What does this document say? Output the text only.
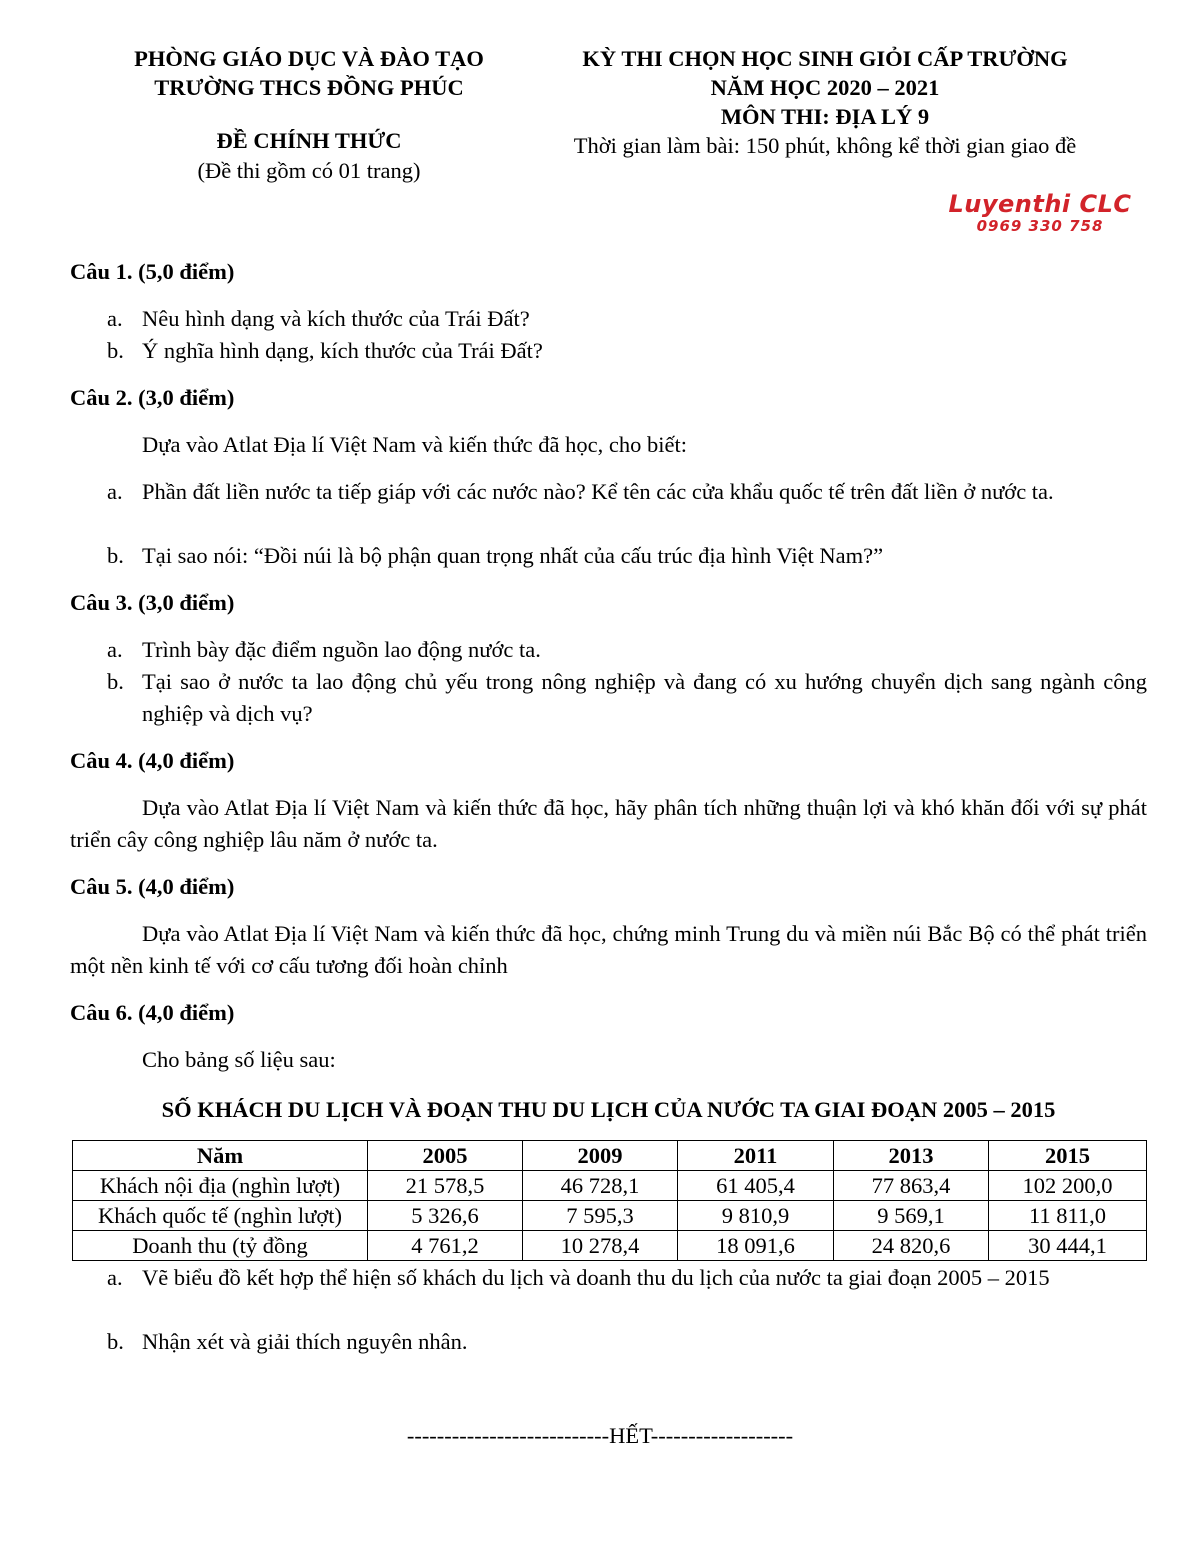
PHÒNG GIÁO DỤC VÀ ĐÀO TẠO
TRƯỜNG THCS ĐỒNG PHÚC
ĐỀ CHÍNH THỨC
(Đề thi gồm có 01 trang)
KỲ THI CHỌN HỌC SINH GIỎI CẤP TRƯỜNG
NĂM HỌC 2020 – 2021
MÔN THI: ĐỊA LÝ 9
Thời gian làm bài: 150 phút, không kể thời gian giao đề
Luyenthi CLC
0969 330 758
Câu 1. (5,0 điểm)
a. Nêu hình dạng và kích thước của Trái Đất?
b. Ý nghĩa hình dạng, kích thước của Trái Đất?
Câu 2. (3,0 điểm)
Dựa vào Atlat Địa lí Việt Nam và kiến thức đã học, cho biết:
a. Phần đất liền nước ta tiếp giáp với các nước nào? Kể tên các cửa khẩu quốc tế trên đất liền ở nước ta.
b. Tại sao nói: “Đồi núi là bộ phận quan trọng nhất của cấu trúc địa hình Việt Nam?”
Câu 3. (3,0 điểm)
a. Trình bày đặc điểm nguồn lao động nước ta.
b. Tại sao ở nước ta lao động chủ yếu trong nông nghiệp và đang có xu hướng chuyển dịch sang ngành công nghiệp và dịch vụ?
Câu 4. (4,0 điểm)
Dựa vào Atlat Địa lí Việt Nam và kiến thức đã học, hãy phân tích những thuận lợi và khó khăn đối với sự phát triển cây công nghiệp lâu năm ở nước ta.
Câu 5. (4,0 điểm)
Dựa vào Atlat Địa lí Việt Nam và kiến thức đã học, chứng minh Trung du và miền núi Bắc Bộ có thể phát triển một nền kinh tế với cơ cấu tương đối hoàn chỉnh
Câu 6. (4,0 điểm)
Cho bảng số liệu sau:
SỐ KHÁCH DU LỊCH VÀ ĐOẠN THU DU LỊCH CỦA NƯỚC TA GIAI ĐOẠN 2005 – 2015
Năm	2005	2009	2011	2013	2015
Khách nội địa (nghìn lượt)	21 578,5	46 728,1	61 405,4	77 863,4	102 200,0
Khách quốc tế (nghìn lượt)	5 326,6	7 595,3	9 810,9	9 569,1	11 811,0
Doanh thu (tỷ đồng	4 761,2	10 278,4	18 091,6	24 820,6	30 444,1
a. Vẽ biểu đồ kết hợp thể hiện số khách du lịch và doanh thu du lịch của nước ta giai đoạn 2005 – 2015
b. Nhận xét và giải thích nguyên nhân.
---------------------------HẾT-------------------
